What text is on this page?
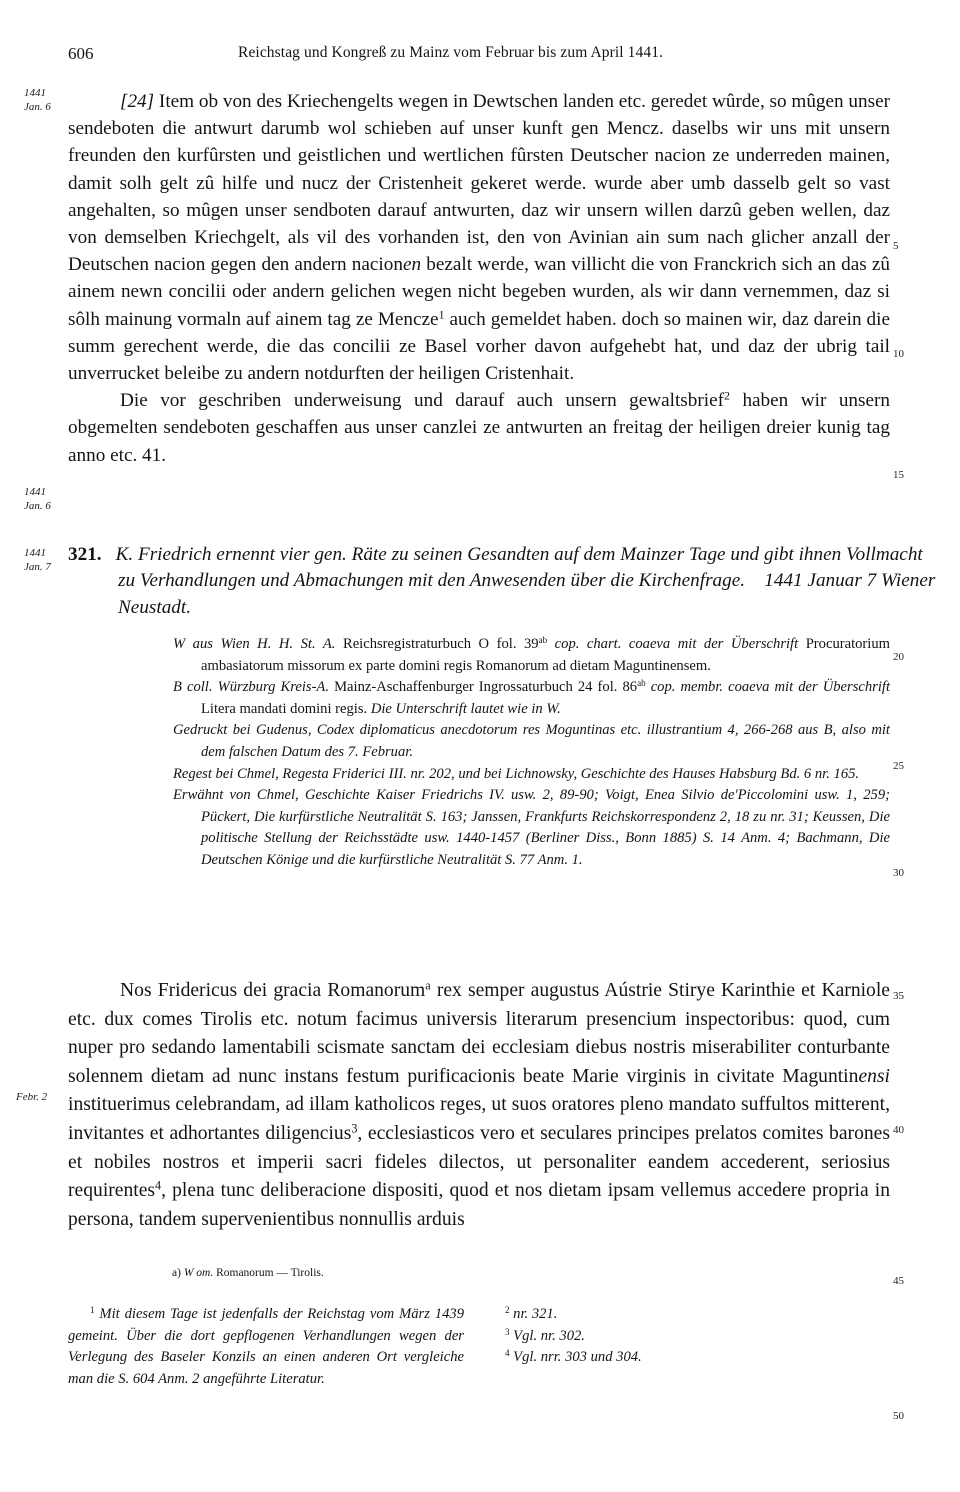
606	Reichstag und Kongreß zu Mainz vom Februar bis zum April 1441.
1441
Jan. 6
1441
Jan. 6
1441
Jan. 7
Febr. 2
5
10
15
20
25
30
35
40
45
50

[24] Item ob von des Kriechengelts wegen in Dewtschen landen etc. geredet wûrde, so mûgen unser sendeboten die antwurt darumb wol schieben auf unser kunft gen Mencz. daselbs wir uns mit unsern freunden den kurfûrsten und geistlichen und wertlichen fûrsten Deutscher nacion ze underreden mainen, damit solh gelt zû hilfe und nucz der Cristenheit gekeret werde. wurde aber umb dasselb gelt so vast angehalten, so mûgen unser sendboten darauf antwurten, daz wir unsern willen darzû geben wellen, daz von demselben Kriechgelt, als vil des vorhanden ist, den von Avinian ain sum nach glicher anzall der Deutschen nacion gegen den andern nacionen bezalt werde, wan villicht die von Franckrich sich an das zû ainem newn concilii oder andern gelichen wegen nicht begeben wurden, als wir dann vernemmen, daz si sôlh mainung vormaln auf ainem tag ze Mencze$^1$ auch gemeldet haben. doch so mainen wir, daz darein die summ gerechent werde, die das concilii ze Basel vorher davon aufgehebt hat, und daz der ubrig tail unverrucket beleibe zu andern notdurften der heiligen Cristenhait.

Die vor geschriben underweisung und darauf auch unsern gewaltsbrief$^2$ haben wir unsern obgemelten sendeboten geschaffen aus unser canzlei ze antwurten an freitag der heiligen dreier kunig tag anno etc. 41.

321. K. Friedrich ernennt vier gen. Räte zu seinen Gesandten auf dem Mainzer Tage und gibt ihnen Vollmacht zu Verhandlungen und Abmachungen mit den Anwesenden über die Kirchenfrage. 1441 Januar 7 Wiener Neustadt.

W aus Wien H. H. St. A. Reichsregistraturbuch O fol. $39^{ab}$ cop. chart. coaeva mit der Überschrift Procuratorium ambasiatorum missorum ex parte domini regis Romanorum ad dietam Maguntinensem.

B coll. Würzburg Kreis-A. Mainz-Aschaffenburger Ingrossaturbuch 24 fol. $86^{ab}$ cop. membr. coaeva mit der Überschrift Litera mandati domini regis. Die Unterschrift lautet wie in W.

Gedruckt bei Gudenus, Codex diplomaticus anecdotorum res Moguntinas etc. illustrantium 4, 266-268 aus B, also mit dem falschen Datum des 7. Februar.

Regest bei Chmel, Regesta Friderici III. nr. 202, und bei Lichnowsky, Geschichte des Hauses Habsburg Bd. 6 nr. 165.

Erwähnt von Chmel, Geschichte Kaiser Friedrichs IV. usw. 2, 89-90; Voigt, Enea Silvio de'Piccolomini usw. 1, 259; Pückert, Die kurfürstliche Neutralität S. 163; Janssen, Frankfurts Reichskorrespondenz 2, 18 zu nr. 31; Keussen, Die politische Stellung der Reichsstädte usw. 1440-1457 (Berliner Diss., Bonn 1885) S. 14 Anm. 4; Bachmann, Die Deutschen Könige und die kurfürstliche Neutralität S. 77 Anm. 1.

Nos Fridericus dei gracia Romanorum$^a$ rex semper augustus Aústrie Stirye Karinthie et Karniole etc. dux comes Tirolis etc. notum facimus universis literarum presencium inspectoribus: quod, cum nuper pro sedando lamentabili scismate sanctam dei ecclesiam diebus nostris miserabiliter conturbante solennem dietam ad nunc instans festum purificacionis beate Marie virginis in civitate Maguntinensi instituerimus celebrandam, ad illam katholicos reges, ut suos oratores pleno mandato suffultos mitterent, invitantes et adhortantes diligencius$^3$, ecclesiasticos vero et seculares principes prelatos comites barones et nobiles nostros et imperii sacri fideles dilectos, ut personaliter eandem accederent, seriosius requirentes$^4$, plena tunc deliberacione dispositi, quod et nos dietam ipsam vellemus accedere propria in persona, tandem supervenientibus nonnullis arduis

a) W om. Romanorum — Tirolis.

$^1$ Mit diesem Tage ist jedenfalls der Reichstag vom März 1439 gemeint. Über die dort gepflogenen Verhandlungen wegen der Verlegung des Baseler Konzils an einen anderen Ort vergleiche man die S. 604 Anm. 2 angeführte Literatur.

$^2$ nr. 321.
$^3$ Vgl. nr. 302.
$^4$ Vgl. nrr. 303 und 304.
